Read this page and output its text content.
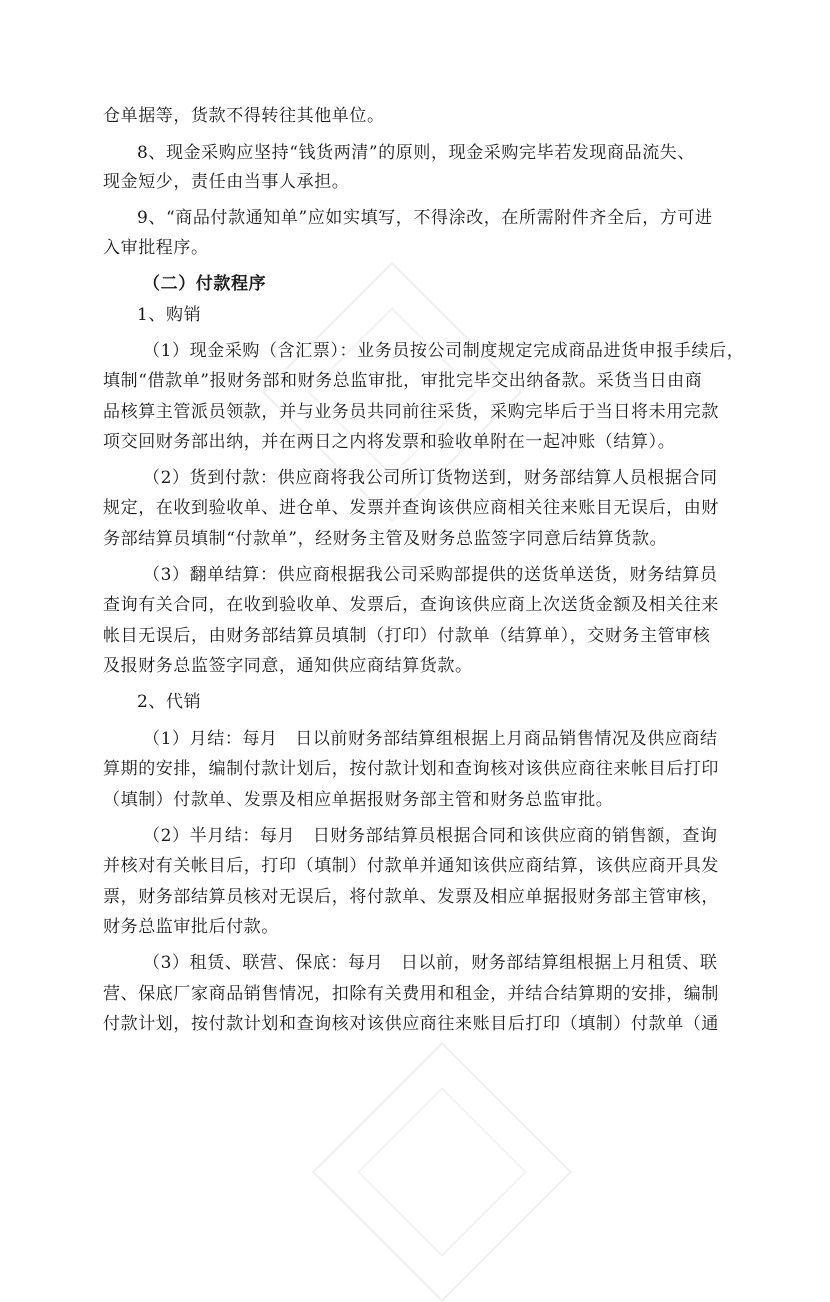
仓单据等，货款不得转往其他单位。
8、现金采购应坚持“钱货两清”的原则，现金采购完毕若发现商品流失、
现金短少，责任由当事人承担。
9、“商品付款通知单”应如实填写，不得涂改，在所需附件齐全后，方可进
入审批程序。
（二）付款程序
1、购销
（1）现金采购（含汇票）：业务员按公司制度规定完成商品进货申报手续后，
填制“借款单”报财务部和财务总监审批，审批完毕交出纳备款。采货当日由商
品核算主管派员领款，并与业务员共同前往采货，采购完毕后于当日将未用完款
项交回财务部出纳，并在两日之内将发票和验收单附在一起冲账（结算）。
（2）货到付款：供应商将我公司所订货物送到，财务部结算人员根据合同
规定，在收到验收单、进仓单、发票并查询该供应商相关往来账目无误后，由财
务部结算员填制“付款单”，经财务主管及财务总监签字同意后结算货款。
（3）翻单结算：供应商根据我公司采购部提供的送货单送货，财务结算员
查询有关合同，在收到验收单、发票后，查询该供应商上次送货金额及相关往来
帐目无误后，由财务部结算员填制（打印）付款单（结算单），交财务主管审核
及报财务总监签字同意，通知供应商结算货款。
2、代销
（1）月结：每月　日以前财务部结算组根据上月商品销售情况及供应商结
算期的安排，编制付款计划后，按付款计划和查询核对该供应商往来帐目后打印
（填制）付款单、发票及相应单据报财务部主管和财务总监审批。
（2）半月结：每月　日财务部结算员根据合同和该供应商的销售额，查询
并核对有关帐目后，打印（填制）付款单并通知该供应商结算，该供应商开具发
票，财务部结算员核对无误后，将付款单、发票及相应单据报财务部主管审核，
财务总监审批后付款。
（3）租赁、联营、保底：每月　日以前，财务部结算组根据上月租赁、联
营、保底厂家商品销售情况，扣除有关费用和租金，并结合结算期的安排，编制
付款计划，按付款计划和查询核对该供应商往来账目后打印（填制）付款单（通
